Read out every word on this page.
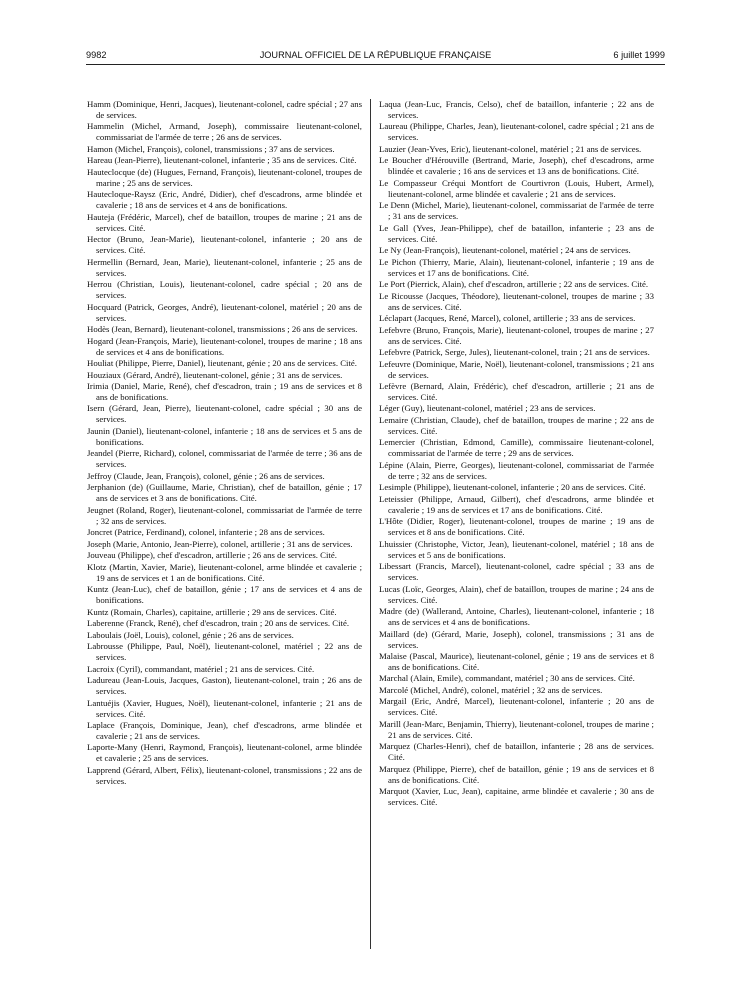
9982	JOURNAL OFFICIEL DE LA RÉPUBLIQUE FRANÇAISE	6 juillet 1999

Hamm (Dominique, Henri, Jacques), lieutenant-colonel, cadre spécial ; 27 ans de services.

Hammelin (Michel, Armand, Joseph), commissaire lieutenant-colonel, commissariat de l'armée de terre ; 26 ans de services.

Hamon (Michel, François), colonel, transmissions ; 37 ans de services.

Hareau (Jean-Pierre), lieutenant-colonel, infanterie ; 35 ans de services. Cité.

Hauteclocque (de) (Hugues, Fernand, François), lieutenant-colonel, troupes de marine ; 25 ans de services.

Hautecloque-Raysz (Eric, André, Didier), chef d'escadrons, arme blindée et cavalerie ; 18 ans de services et 4 ans de bonifications.

Hauteja (Frédéric, Marcel), chef de bataillon, troupes de marine ; 21 ans de services. Cité.

Hector (Bruno, Jean-Marie), lieutenant-colonel, infanterie ; 20 ans de services. Cité.

Hermellin (Bernard, Jean, Marie), lieutenant-colonel, infanterie ; 25 ans de services.

Herrou (Christian, Louis), lieutenant-colonel, cadre spécial ; 20 ans de services.

Hocquard (Patrick, Georges, André), lieutenant-colonel, matériel ; 20 ans de services.

Hodès (Jean, Bernard), lieutenant-colonel, transmissions ; 26 ans de services.

Hogard (Jean-François, Marie), lieutenant-colonel, troupes de marine ; 18 ans de services et 4 ans de bonifications.

Houliat (Philippe, Pierre, Daniel), lieutenant, génie ; 20 ans de services. Cité.

Houziaux (Gérard, André), lieutenant-colonel, génie ; 31 ans de services.

Irimia (Daniel, Marie, René), chef d'escadron, train ; 19 ans de services et 8 ans de bonifications.

Isern (Gérard, Jean, Pierre), lieutenant-colonel, cadre spécial ; 30 ans de services.

Jaunin (Daniel), lieutenant-colonel, infanterie ; 18 ans de services et 5 ans de bonifications.

Jeandel (Pierre, Richard), colonel, commissariat de l'armée de terre ; 36 ans de services.

Jeffroy (Claude, Jean, François), colonel, génie ; 26 ans de services.

Jerphanion (de) (Guillaume, Marie, Christian), chef de bataillon, génie ; 17 ans de services et 3 ans de bonifications. Cité.

Jeugnet (Roland, Roger), lieutenant-colonel, commissariat de l'armée de terre ; 32 ans de services.

Joncret (Patrice, Ferdinand), colonel, infanterie ; 28 ans de services.

Joseph (Marie, Antonio, Jean-Pierre), colonel, artillerie ; 31 ans de services.

Jouveau (Philippe), chef d'escadron, artillerie ; 26 ans de services. Cité.

Klotz (Martin, Xavier, Marie), lieutenant-colonel, arme blindée et cavalerie ; 19 ans de services et 1 an de bonifications. Cité.

Kuntz (Jean-Luc), chef de bataillon, génie ; 17 ans de services et 4 ans de bonifications.

Kuntz (Romain, Charles), capitaine, artillerie ; 29 ans de services. Cité.

Laberenne (Franck, René), chef d'escadron, train ; 20 ans de services. Cité.

Laboulais (Joël, Louis), colonel, génie ; 26 ans de services.

Labrousse (Philippe, Paul, Noël), lieutenant-colonel, matériel ; 22 ans de services.

Lacroix (Cyril), commandant, matériel ; 21 ans de services. Cité.

Ladureau (Jean-Louis, Jacques, Gaston), lieutenant-colonel, train ; 26 ans de services.

Lantuéjis (Xavier, Hugues, Noël), lieutenant-colonel, infanterie ; 21 ans de services. Cité.

Laplace (François, Dominique, Jean), chef d'escadrons, arme blindée et cavalerie ; 21 ans de services.

Laporte-Many (Henri, Raymond, François), lieutenant-colonel, arme blindée et cavalerie ; 25 ans de services.

Lapprend (Gérard, Albert, Félix), lieutenant-colonel, transmissions ; 22 ans de services.

Laqua (Jean-Luc, Francis, Celso), chef de bataillon, infanterie ; 22 ans de services.

Laureau (Philippe, Charles, Jean), lieutenant-colonel, cadre spécial ; 21 ans de services.

Lauzier (Jean-Yves, Eric), lieutenant-colonel, matériel ; 21 ans de services.

Le Boucher d'Hérouville (Bertrand, Marie, Joseph), chef d'escadrons, arme blindée et cavalerie ; 16 ans de services et 13 ans de bonifications. Cité.

Le Compasseur Créqui Montfort de Courtivron (Louis, Hubert, Armel), lieutenant-colonel, arme blindée et cavalerie ; 21 ans de services.

Le Denn (Michel, Marie), lieutenant-colonel, commissariat de l'armée de terre ; 31 ans de services.

Le Gall (Yves, Jean-Philippe), chef de bataillon, infanterie ; 23 ans de services. Cité.

Le Ny (Jean-François), lieutenant-colonel, matériel ; 24 ans de services.

Le Pichon (Thierry, Marie, Alain), lieutenant-colonel, infanterie ; 19 ans de services et 17 ans de bonifications. Cité.

Le Port (Pierrick, Alain), chef d'escadron, artillerie ; 22 ans de services. Cité.

Le Ricousse (Jacques, Théodore), lieutenant-colonel, troupes de marine ; 33 ans de services. Cité.

Léclapart (Jacques, René, Marcel), colonel, artillerie ; 33 ans de services.

Lefebvre (Bruno, François, Marie), lieutenant-colonel, troupes de marine ; 27 ans de services. Cité.

Lefebvre (Patrick, Serge, Jules), lieutenant-colonel, train ; 21 ans de services.

Lefeuvre (Dominique, Marie, Noël), lieutenant-colonel, transmissions ; 21 ans de services.

Lefèvre (Bernard, Alain, Frédéric), chef d'escadron, artillerie ; 21 ans de services. Cité.

Léger (Guy), lieutenant-colonel, matériel ; 23 ans de services.

Lemaire (Christian, Claude), chef de bataillon, troupes de marine ; 22 ans de services. Cité.

Lemercier (Christian, Edmond, Camille), commissaire lieutenant-colonel, commissariat de l'armée de terre ; 29 ans de services.

Lépine (Alain, Pierre, Georges), lieutenant-colonel, commissariat de l'armée de terre ; 32 ans de services.

Lesimple (Philippe), lieutenant-colonel, infanterie ; 20 ans de services. Cité.

Leteissier (Philippe, Arnaud, Gilbert), chef d'escadrons, arme blindée et cavalerie ; 19 ans de services et 17 ans de bonifications. Cité.

L'Hôte (Didier, Roger), lieutenant-colonel, troupes de marine ; 19 ans de services et 8 ans de bonifications. Cité.

Lhuissier (Christophe, Victor, Jean), lieutenant-colonel, matériel ; 18 ans de services et 5 ans de bonifications.

Libessart (Francis, Marcel), lieutenant-colonel, cadre spécial ; 33 ans de services.

Lucas (Loïc, Georges, Alain), chef de bataillon, troupes de marine ; 24 ans de services. Cité.

Madre (de) (Wallerand, Antoine, Charles), lieutenant-colonel, infanterie ; 18 ans de services et 4 ans de bonifications.

Maillard (de) (Gérard, Marie, Joseph), colonel, transmissions ; 31 ans de services.

Malaise (Pascal, Maurice), lieutenant-colonel, génie ; 19 ans de services et 8 ans de bonifications. Cité.

Marchal (Alain, Emile), commandant, matériel ; 30 ans de services. Cité.

Marcolé (Michel, André), colonel, matériel ; 32 ans de services.

Margail (Eric, André, Marcel), lieutenant-colonel, infanterie ; 20 ans de services. Cité.

Marill (Jean-Marc, Benjamin, Thierry), lieutenant-colonel, troupes de marine ; 21 ans de services. Cité.

Marquez (Charles-Henri), chef de bataillon, infanterie ; 28 ans de services. Cité.

Marquez (Philippe, Pierre), chef de bataillon, génie ; 19 ans de services et 8 ans de bonifications. Cité.

Marquot (Xavier, Luc, Jean), capitaine, arme blindée et cavalerie ; 30 ans de services. Cité.
